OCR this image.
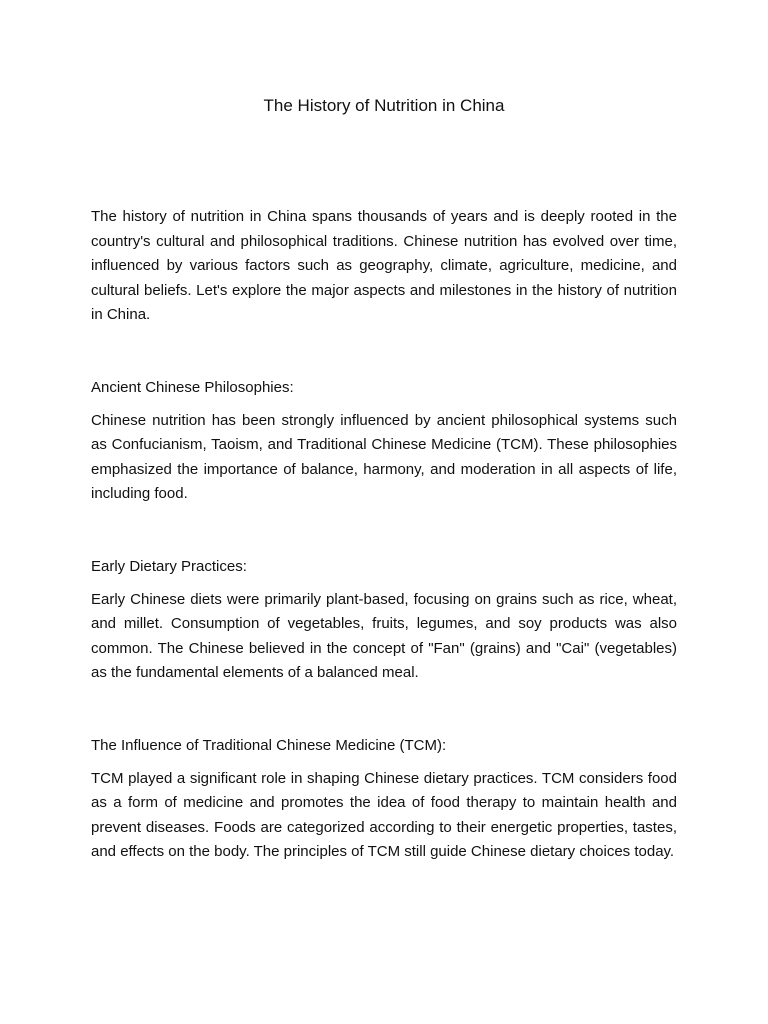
The History of Nutrition in China

The history of nutrition in China spans thousands of years and is deeply rooted in the country's cultural and philosophical traditions. Chinese nutrition has evolved over time, influenced by various factors such as geography, climate, agriculture, medicine, and cultural beliefs. Let's explore the major aspects and milestones in the history of nutrition in China.

Ancient Chinese Philosophies:

Chinese nutrition has been strongly influenced by ancient philosophical systems such as Confucianism, Taoism, and Traditional Chinese Medicine (TCM). These philosophies emphasized the importance of balance, harmony, and moderation in all aspects of life, including food.

Early Dietary Practices:

Early Chinese diets were primarily plant-based, focusing on grains such as rice, wheat, and millet. Consumption of vegetables, fruits, legumes, and soy products was also common. The Chinese believed in the concept of "Fan" (grains) and "Cai" (vegetables) as the fundamental elements of a balanced meal.

The Influence of Traditional Chinese Medicine (TCM):

TCM played a significant role in shaping Chinese dietary practices. TCM considers food as a form of medicine and promotes the idea of food therapy to maintain health and prevent diseases. Foods are categorized according to their energetic properties, tastes, and effects on the body. The principles of TCM still guide Chinese dietary choices today.
